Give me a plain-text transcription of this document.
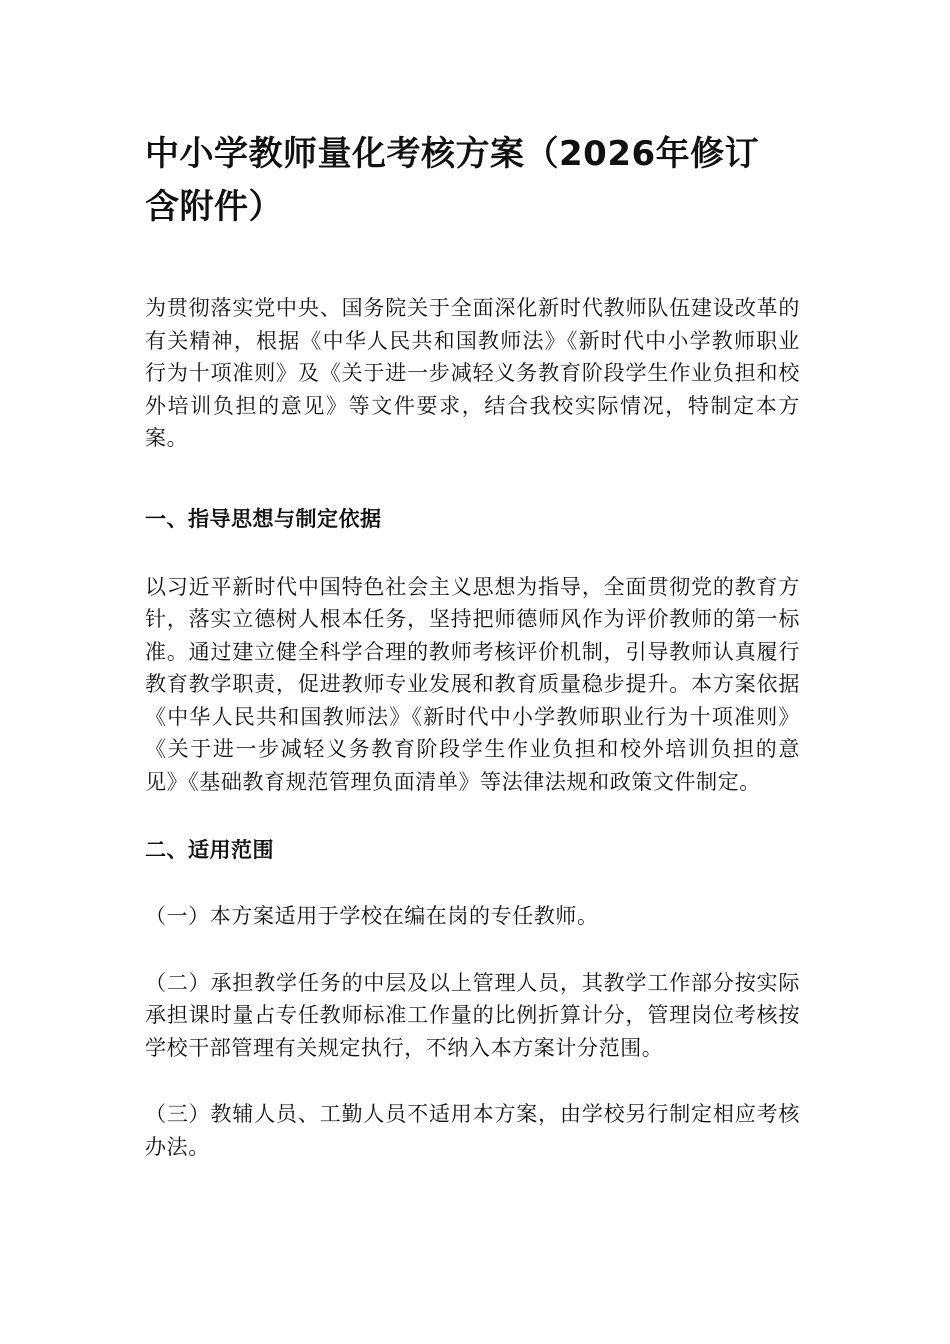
中小学教师量化考核方案（2026年修订 含附件）

为贯彻落实党中央、国务院关于全面深化新时代教师队伍建设改革的有关精神，根据《中华人民共和国教师法》《新时代中小学教师职业行为十项准则》及《关于进一步减轻义务教育阶段学生作业负担和校外培训负担的意见》等文件要求，结合我校实际情况，特制定本方案。

一、指导思想与制定依据

以习近平新时代中国特色社会主义思想为指导，全面贯彻党的教育方针，落实立德树人根本任务，坚持把师德师风作为评价教师的第一标准。通过建立健全科学合理的教师考核评价机制，引导教师认真履行教育教学职责，促进教师专业发展和教育质量稳步提升。本方案依据《中华人民共和国教师法》《新时代中小学教师职业行为十项准则》《关于进一步减轻义务教育阶段学生作业负担和校外培训负担的意见》《基础教育规范管理负面清单》等法律法规和政策文件制定。

二、适用范围

（一）本方案适用于学校在编在岗的专任教师。

（二）承担教学任务的中层及以上管理人员，其教学工作部分按实际承担课时量占专任教师标准工作量的比例折算计分，管理岗位考核按学校干部管理有关规定执行，不纳入本方案计分范围。

（三）教辅人员、工勤人员不适用本方案，由学校另行制定相应考核办法。
